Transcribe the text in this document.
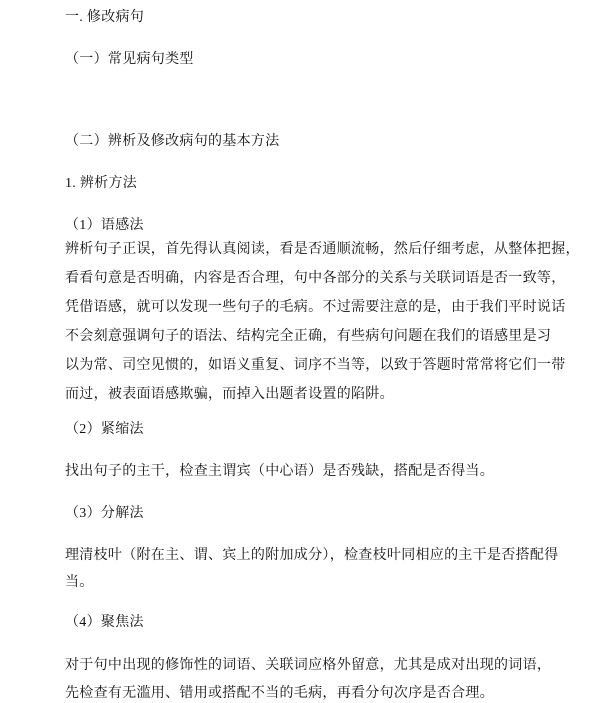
一. 修改病句
（一）常见病句类型
（二）辨析及修改病句的基本方法
1. 辨析方法
（1）语感法
辨析句子正误，首先得认真阅读，看是否通顺流畅，然后仔细考虑，从整体把握，
看看句意是否明确，内容是否合理，句中各部分的关系与关联词语是否一致等，
凭借语感，就可以发现一些句子的毛病。不过需要注意的是，由于我们平时说话
不会刻意强调句子的语法、结构完全正确，有些病句问题在我们的语感里是习
以为常、司空见惯的，如语义重复、词序不当等，以致于答题时常常将它们一带
而过，被表面语感欺骗，而掉入出题者设置的陷阱。
（2）紧缩法
找出句子的主干，检查主谓宾（中心语）是否残缺，搭配是否得当。
（3）分解法
理清枝叶（附在主、谓、宾上的附加成分），检查枝叶同相应的主干是否搭配得
当。
（4）聚焦法
对于句中出现的修饰性的词语、关联词应格外留意，尤其是成对出现的词语，
先检查有无滥用、错用或搭配不当的毛病，再看分句次序是否合理。
